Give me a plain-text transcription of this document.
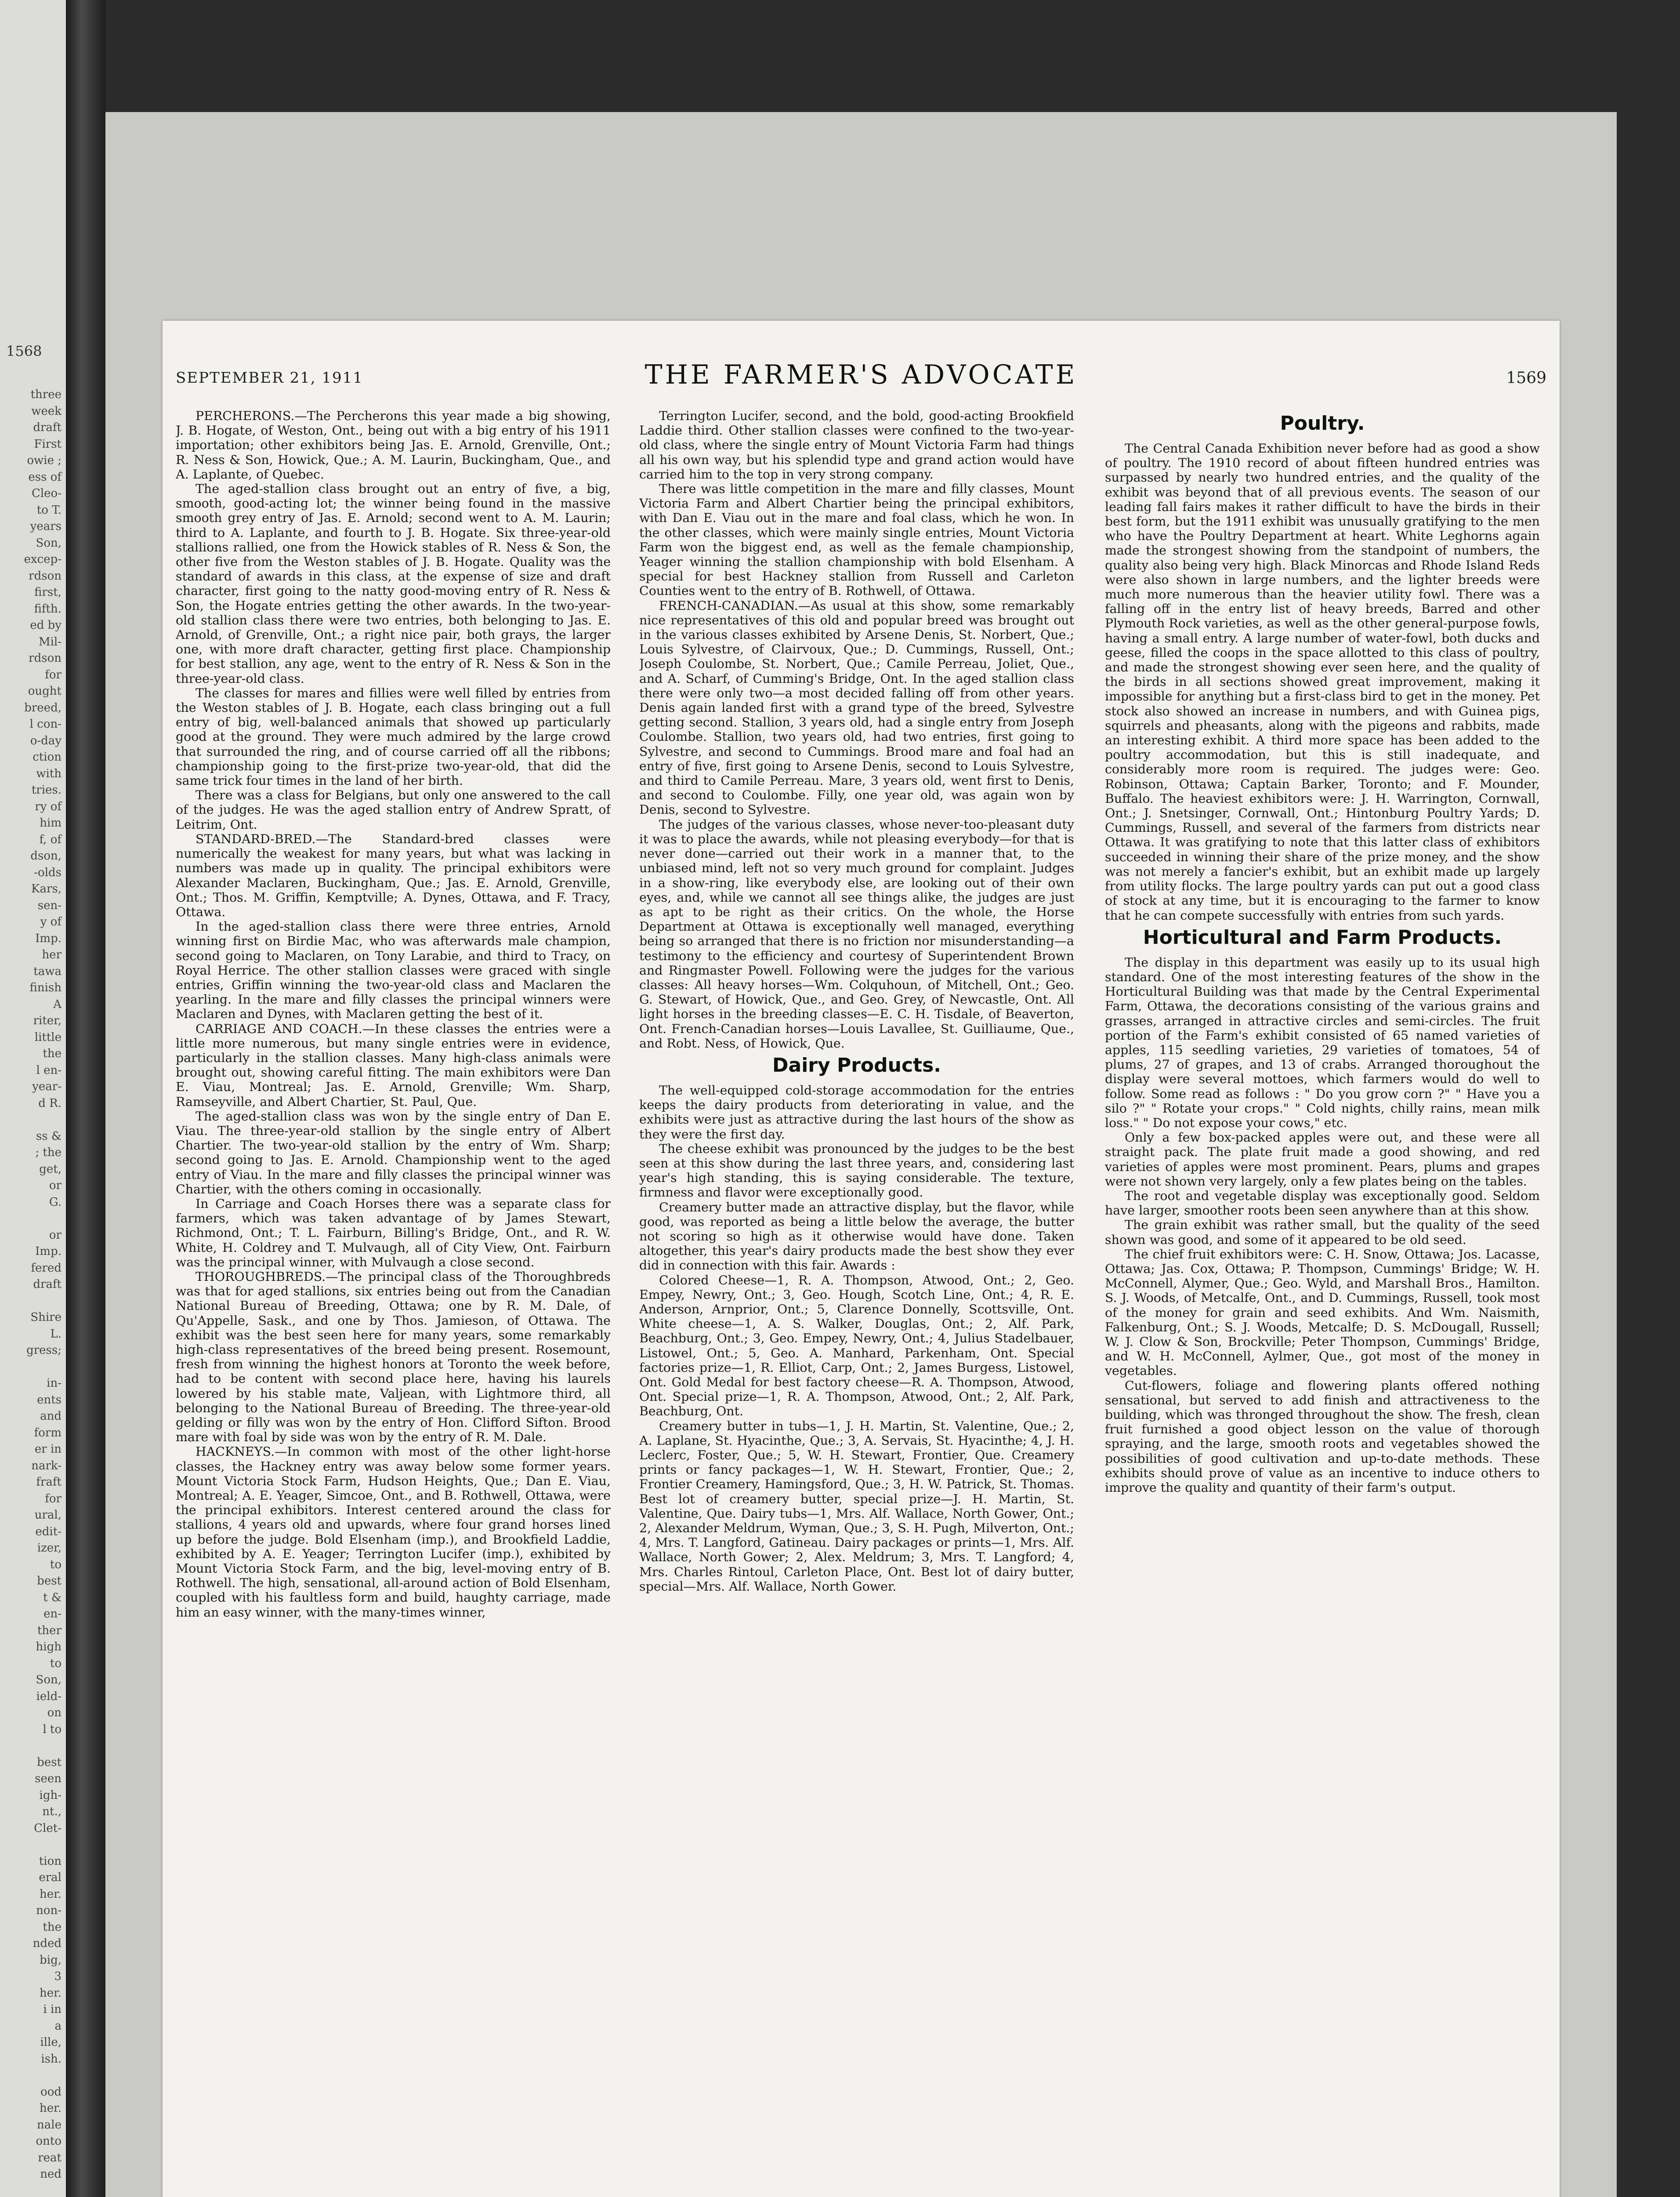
1568
three
week
draft
First
owie ;
ess of
Cleo-
to T.
years
Son,
excep-
rdson
first,
fifth.
ed by
Mil-
rdson
for
ought
breed,
l con-
o-day
ction
with
tries.
ry of
him
f, of
dson,
-olds
Kars,
sen-
y of
Imp.
her
tawa
finish
A
riter,
little
the
l en-
year-
d R.

ss &
; the
get,
or
G.

or
Imp.
fered
draft

Shire
L.
gress;

in-
ents
and
form
er in
nark-
fraft
for
ural,
edit-
izer,
to
best
t &
en-
ther
high
to
Son,
ield-
on
l to

best
seen
igh-
nt.,
Clet-

tion
eral
her.
non-
the
nded
big,
3
her.
i in
a
ille,
ish.

ood
her.
nale
onto
reat
ned
SEPTEMBER 21, 1911	THE FARMER'S ADVOCATE	1569

PERCHERONS.—The Percherons this year made a big showing, J. B. Hogate, of Weston, Ont., being out with a big entry of his 1911 importation; other exhibitors being Jas. E. Arnold, Grenville, Ont.; R. Ness & Son, Howick, Que.; A. M. Laurin, Buckingham, Que., and A. Laplante, of Quebec.

The aged-stallion class brought out an entry of five, a big, smooth, good-acting lot; the winner being found in the massive smooth grey entry of Jas. E. Arnold; second went to A. M. Laurin; third to A. Laplante, and fourth to J. B. Hogate. Six three-year-old stallions rallied, one from the Howick stables of R. Ness & Son, the other five from the Weston stables of J. B. Hogate. Quality was the standard of awards in this class, at the expense of size and draft character, first going to the natty good-moving entry of R. Ness & Son, the Hogate entries getting the other awards. In the two-year-old stallion class there were two entries, both belonging to Jas. E. Arnold, of Grenville, Ont.; a right nice pair, both grays, the larger one, with more draft character, getting first place. Championship for best stallion, any age, went to the entry of R. Ness & Son in the three-year-old class.

The classes for mares and fillies were well filled by entries from the Weston stables of J. B. Hogate, each class bringing out a full entry of big, well-balanced animals that showed up particularly good at the ground. They were much admired by the large crowd that surrounded the ring, and of course carried off all the ribbons; championship going to the first-prize two-year-old, that did the same trick four times in the land of her birth.

There was a class for Belgians, but only one answered to the call of the judges. He was the aged stallion entry of Andrew Spratt, of Leitrim, Ont.

STANDARD-BRED.—The Standard-bred classes were numerically the weakest for many years, but what was lacking in numbers was made up in quality. The principal exhibitors were Alexander Maclaren, Buckingham, Que.; Jas. E. Arnold, Grenville, Ont.; Thos. M. Griffin, Kemptville; A. Dynes, Ottawa, and F. Tracy, Ottawa.

In the aged-stallion class there were three entries, Arnold winning first on Birdie Mac, who was afterwards male champion, second going to Maclaren, on Tony Larabie, and third to Tracy, on Royal Herrice. The other stallion classes were graced with single entries, Griffin winning the two-year-old class and Maclaren the yearling. In the mare and filly classes the principal winners were Maclaren and Dynes, with Maclaren getting the best of it.

CARRIAGE AND COACH.—In these classes the entries were a little more numerous, but many single entries were in evidence, particularly in the stallion classes. Many high-class animals were brought out, showing careful fitting. The main exhibitors were Dan E. Viau, Montreal; Jas. E. Arnold, Grenville; Wm. Sharp, Ramseyville, and Albert Chartier, St. Paul, Que.

The aged-stallion class was won by the single entry of Dan E. Viau. The three-year-old stallion by the single entry of Albert Chartier. The two-year-old stallion by the entry of Wm. Sharp; second going to Jas. E. Arnold. Championship went to the aged entry of Viau. In the mare and filly classes the principal winner was Chartier, with the others coming in occasionally.

In Carriage and Coach Horses there was a separate class for farmers, which was taken advantage of by James Stewart, Richmond, Ont.; T. L. Fairburn, Billing's Bridge, Ont., and R. W. White, H. Coldrey and T. Mulvaugh, all of City View, Ont. Fairburn was the principal winner, with Mulvaugh a close second.

THOROUGHBREDS.—The principal class of the Thoroughbreds was that for aged stallions, six entries being out from the Canadian National Bureau of Breeding, Ottawa; one by R. M. Dale, of Qu'Appelle, Sask., and one by Thos. Jamieson, of Ottawa. The exhibit was the best seen here for many years, some remarkably high-class representatives of the breed being present. Rosemount, fresh from winning the highest honors at Toronto the week before, had to be content with second place here, having his laurels lowered by his stable mate, Valjean, with Lightmore third, all belonging to the National Bureau of Breeding. The three-year-old gelding or filly was won by the entry of Hon. Clifford Sifton. Brood mare with foal by side was won by the entry of R. M. Dale.

HACKNEYS.—In common with most of the other light-horse classes, the Hackney entry was away below some former years. Mount Victoria Stock Farm, Hudson Heights, Que.; Dan E. Viau, Montreal; A. E. Yeager, Simcoe, Ont., and B. Rothwell, Ottawa, were the principal exhibitors. Interest centered around the class for stallions, 4 years old and upwards, where four grand horses lined up before the judge. Bold Elsenham (imp.), and Brookfield Laddie, exhibited by A. E. Yeager; Terrington Lucifer (imp.), exhibited by Mount Victoria Stock Farm, and the big, level-moving entry of B. Rothwell. The high, sensational, all-around action of Bold Elsenham, coupled with his faultless form and build, haughty carriage, made him an easy winner, with the many-times winner,

Terrington Lucifer, second, and the bold, good-acting Brookfield Laddie third. Other stallion classes were confined to the two-year-old class, where the single entry of Mount Victoria Farm had things all his own way, but his splendid type and grand action would have carried him to the top in very strong company.

There was little competition in the mare and filly classes, Mount Victoria Farm and Albert Chartier being the principal exhibitors, with Dan E. Viau out in the mare and foal class, which he won. In the other classes, which were mainly single entries, Mount Victoria Farm won the biggest end, as well as the female championship, Yeager winning the stallion championship with bold Elsenham. A special for best Hackney stallion from Russell and Carleton Counties went to the entry of B. Rothwell, of Ottawa.

FRENCH-CANADIAN.—As usual at this show, some remarkably nice representatives of this old and popular breed was brought out in the various classes exhibited by Arsene Denis, St. Norbert, Que.; Louis Sylvestre, of Clairvoux, Que.; D. Cummings, Russell, Ont.; Joseph Coulombe, St. Norbert, Que.; Camile Perreau, Joliet, Que., and A. Scharf, of Cumming's Bridge, Ont. In the aged stallion class there were only two—a most decided falling off from other years. Denis again landed first with a grand type of the breed, Sylvestre getting second. Stallion, 3 years old, had a single entry from Joseph Coulombe. Stallion, two years old, had two entries, first going to Sylvestre, and second to Cummings. Brood mare and foal had an entry of five, first going to Arsene Denis, second to Louis Sylvestre, and third to Camile Perreau. Mare, 3 years old, went first to Denis, and second to Coulombe. Filly, one year old, was again won by Denis, second to Sylvestre.

The judges of the various classes, whose never-too-pleasant duty it was to place the awards, while not pleasing everybody—for that is never done—carried out their work in a manner that, to the unbiased mind, left not so very much ground for complaint. Judges in a show-ring, like everybody else, are looking out of their own eyes, and, while we cannot all see things alike, the judges are just as apt to be right as their critics. On the whole, the Horse Department at Ottawa is exceptionally well managed, everything being so arranged that there is no friction nor misunderstanding—a testimony to the efficiency and courtesy of Superintendent Brown and Ringmaster Powell. Following were the judges for the various classes: All heavy horses—Wm. Colquhoun, of Mitchell, Ont.; Geo. G. Stewart, of Howick, Que., and Geo. Grey, of Newcastle, Ont. All light horses in the breeding classes—E. C. H. Tisdale, of Beaverton, Ont. French-Canadian horses—Louis Lavallee, St. Guilliaume, Que., and Robt. Ness, of Howick, Que.

Dairy Products.

The well-equipped cold-storage accommodation for the entries keeps the dairy products from deteriorating in value, and the exhibits were just as attractive during the last hours of the show as they were the first day.

The cheese exhibit was pronounced by the judges to be the best seen at this show during the last three years, and, considering last year's high standing, this is saying considerable. The texture, firmness and flavor were exceptionally good.

Creamery butter made an attractive display, but the flavor, while good, was reported as being a little below the average, the butter not scoring so high as it otherwise would have done. Taken altogether, this year's dairy products made the best show they ever did in connection with this fair. Awards :

Colored Cheese—1, R. A. Thompson, Atwood, Ont.; 2, Geo. Empey, Newry, Ont.; 3, Geo. Hough, Scotch Line, Ont.; 4, R. E. Anderson, Arnprior, Ont.; 5, Clarence Donnelly, Scottsville, Ont. White cheese—1, A. S. Walker, Douglas, Ont.; 2, Alf. Park, Beachburg, Ont.; 3, Geo. Empey, Newry, Ont.; 4, Julius Stadelbauer, Listowel, Ont.; 5, Geo. A. Manhard, Parkenham, Ont. Special factories prize—1, R. Elliot, Carp, Ont.; 2, James Burgess, Listowel, Ont. Gold Medal for best factory cheese—R. A. Thompson, Atwood, Ont. Special prize—1, R. A. Thompson, Atwood, Ont.; 2, Alf. Park, Beachburg, Ont.

Creamery butter in tubs—1, J. H. Martin, St. Valentine, Que.; 2, A. Laplane, St. Hyacinthe, Que.; 3, A. Servais, St. Hyacinthe; 4, J. H. Leclerc, Foster, Que.; 5, W. H. Stewart, Frontier, Que. Creamery prints or fancy packages—1, W. H. Stewart, Frontier, Que.; 2, Frontier Creamery, Hamingsford, Que.; 3, H. W. Patrick, St. Thomas. Best lot of creamery butter, special prize—J. H. Martin, St. Valentine, Que. Dairy tubs—1, Mrs. Alf. Wallace, North Gower, Ont.; 2, Alexander Meldrum, Wyman, Que.; 3, S. H. Pugh, Milverton, Ont.; 4, Mrs. T. Langford, Gatineau. Dairy packages or prints—1, Mrs. Alf. Wallace, North Gower; 2, Alex. Meldrum; 3, Mrs. T. Langford; 4, Mrs. Charles Rintoul, Carleton Place, Ont. Best lot of dairy butter, special—Mrs. Alf. Wallace, North Gower.

Poultry.

The Central Canada Exhibition never before had as good a show of poultry. The 1910 record of about fifteen hundred entries was surpassed by nearly two hundred entries, and the quality of the exhibit was beyond that of all previous events. The season of our leading fall fairs makes it rather difficult to have the birds in their best form, but the 1911 exhibit was unusually gratifying to the men who have the Poultry Department at heart. White Leghorns again made the strongest showing from the standpoint of numbers, the quality also being very high. Black Minorcas and Rhode Island Reds were also shown in large numbers, and the lighter breeds were much more numerous than the heavier utility fowl. There was a falling off in the entry list of heavy breeds, Barred and other Plymouth Rock varieties, as well as the other general-purpose fowls, having a small entry. A large number of water-fowl, both ducks and geese, filled the coops in the space allotted to this class of poultry, and made the strongest showing ever seen here, and the quality of the birds in all sections showed great improvement, making it impossible for anything but a first-class bird to get in the money. Pet stock also showed an increase in numbers, and with Guinea pigs, squirrels and pheasants, along with the pigeons and rabbits, made an interesting exhibit. A third more space has been added to the poultry accommodation, but this is still inadequate, and considerably more room is required. The judges were: Geo. Robinson, Ottawa; Captain Barker, Toronto; and F. Mounder, Buffalo. The heaviest exhibitors were: J. H. Warrington, Cornwall, Ont.; J. Snetsinger, Cornwall, Ont.; Hintonburg Poultry Yards; D. Cummings, Russell, and several of the farmers from districts near Ottawa. It was gratifying to note that this latter class of exhibitors succeeded in winning their share of the prize money, and the show was not merely a fancier's exhibit, but an exhibit made up largely from utility flocks. The large poultry yards can put out a good class of stock at any time, but it is encouraging to the farmer to know that he can compete successfully with entries from such yards.

Horticultural and Farm Products.

The display in this department was easily up to its usual high standard. One of the most interesting features of the show in the Horticultural Building was that made by the Central Experimental Farm, Ottawa, the decorations consisting of the various grains and grasses, arranged in attractive circles and semi-circles. The fruit portion of the Farm's exhibit consisted of 65 named varieties of apples, 115 seedling varieties, 29 varieties of tomatoes, 54 of plums, 27 of grapes, and 13 of crabs. Arranged thoroughout the display were several mottoes, which farmers would do well to follow. Some read as follows : " Do you grow corn ?" " Have you a silo ?" " Rotate your crops." " Cold nights, chilly rains, mean milk loss." " Do not expose your cows," etc.

Only a few box-packed apples were out, and these were all straight pack. The plate fruit made a good showing, and red varieties of apples were most prominent. Pears, plums and grapes were not shown very largely, only a few plates being on the tables.

The root and vegetable display was exceptionally good. Seldom have larger, smoother roots been seen anywhere than at this show.

The grain exhibit was rather small, but the quality of the seed shown was good, and some of it appeared to be old seed.

The chief fruit exhibitors were: C. H. Snow, Ottawa; Jos. Lacasse, Ottawa; Jas. Cox, Ottawa; P. Thompson, Cummings' Bridge; W. H. McConnell, Alymer, Que.; Geo. Wyld, and Marshall Bros., Hamilton. S. J. Woods, of Metcalfe, Ont., and D. Cummings, Russell, took most of the money for grain and seed exhibits. And Wm. Naismith, Falkenburg, Ont.; S. J. Woods, Metcalfe; D. S. McDougall, Russell; W. J. Clow & Son, Brockville; Peter Thompson, Cummings' Bridge, and W. H. McConnell, Aylmer, Que., got most of the money in vegetables.

Cut-flowers, foliage and flowering plants offered nothing sensational, but served to add finish and attractiveness to the building, which was thronged throughout the show. The fresh, clean fruit furnished a good object lesson on the value of thorough spraying, and the large, smooth roots and vegetables showed the possibilities of good cultivation and up-to-date methods. These exhibits should prove of value as an incentive to induce others to improve the quality and quantity of their farm's output.
